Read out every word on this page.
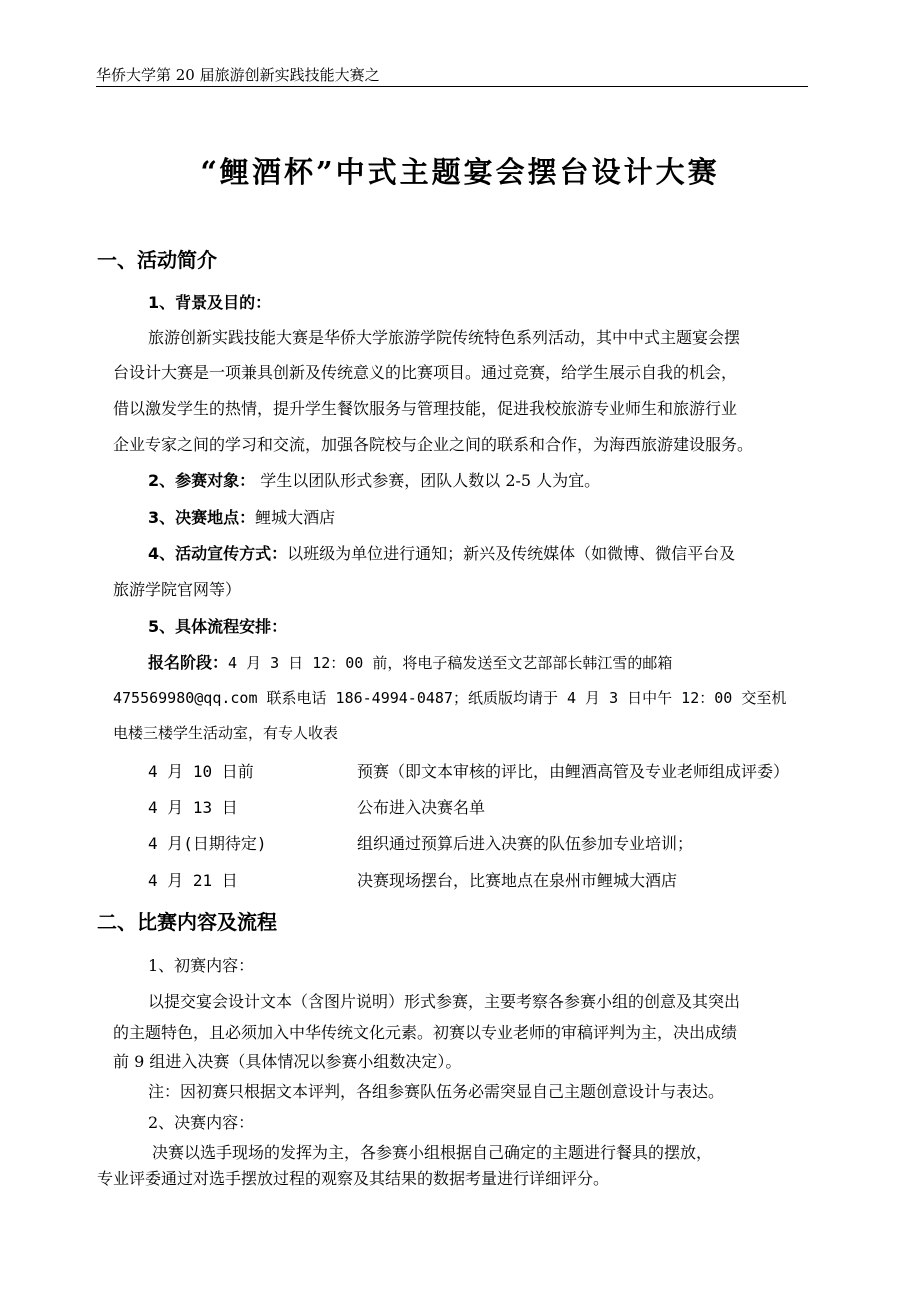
华侨大学第 20 届旅游创新实践技能大赛之
“鲤酒杯”中式主题宴会摆台设计大赛
一、活动简介
1、背景及目的：
旅游创新实践技能大赛是华侨大学旅游学院传统特色系列活动，其中中式主题宴会摆
台设计大赛是一项兼具创新及传统意义的比赛项目。通过竞赛，给学生展示自我的机会，
借以激发学生的热情，提升学生餐饮服务与管理技能，促进我校旅游专业师生和旅游行业
企业专家之间的学习和交流，加强各院校与企业之间的联系和合作，为海西旅游建设服务。
2、参赛对象： 学生以团队形式参赛，团队人数以 2-5 人为宜。
3、决赛地点：鲤城大酒店
4、活动宣传方式：以班级为单位进行通知；新兴及传统媒体（如微博、微信平台及
旅游学院官网等）
5、具体流程安排：
报名阶段：4 月 3 日 12：00 前，将电子稿发送至文艺部部长韩江雪的邮箱
475569980@qq.com 联系电话 186-4994-0487；纸质版均请于 4 月 3 日中午 12：00 交至机
电楼三楼学生活动室，有专人收表
4 月 10 日前	预赛（即文本审核的评比，由鲤酒高管及专业老师组成评委）
4 月 13 日	公布进入决赛名单
4 月(日期待定)	组织通过预算后进入决赛的队伍参加专业培训；
4 月 21 日	决赛现场摆台，比赛地点在泉州市鲤城大酒店
二、比赛内容及流程
1、初赛内容：
以提交宴会设计文本（含图片说明）形式参赛，主要考察各参赛小组的创意及其突出
的主题特色，且必须加入中华传统文化元素。初赛以专业老师的审稿评判为主，决出成绩
前 9 组进入决赛（具体情况以参赛小组数决定）。
注：因初赛只根据文本评判，各组参赛队伍务必需突显自己主题创意设计与表达。
2、决赛内容：
决赛以选手现场的发挥为主，各参赛小组根据自己确定的主题进行餐具的摆放，
专业评委通过对选手摆放过程的观察及其结果的数据考量进行详细评分。
